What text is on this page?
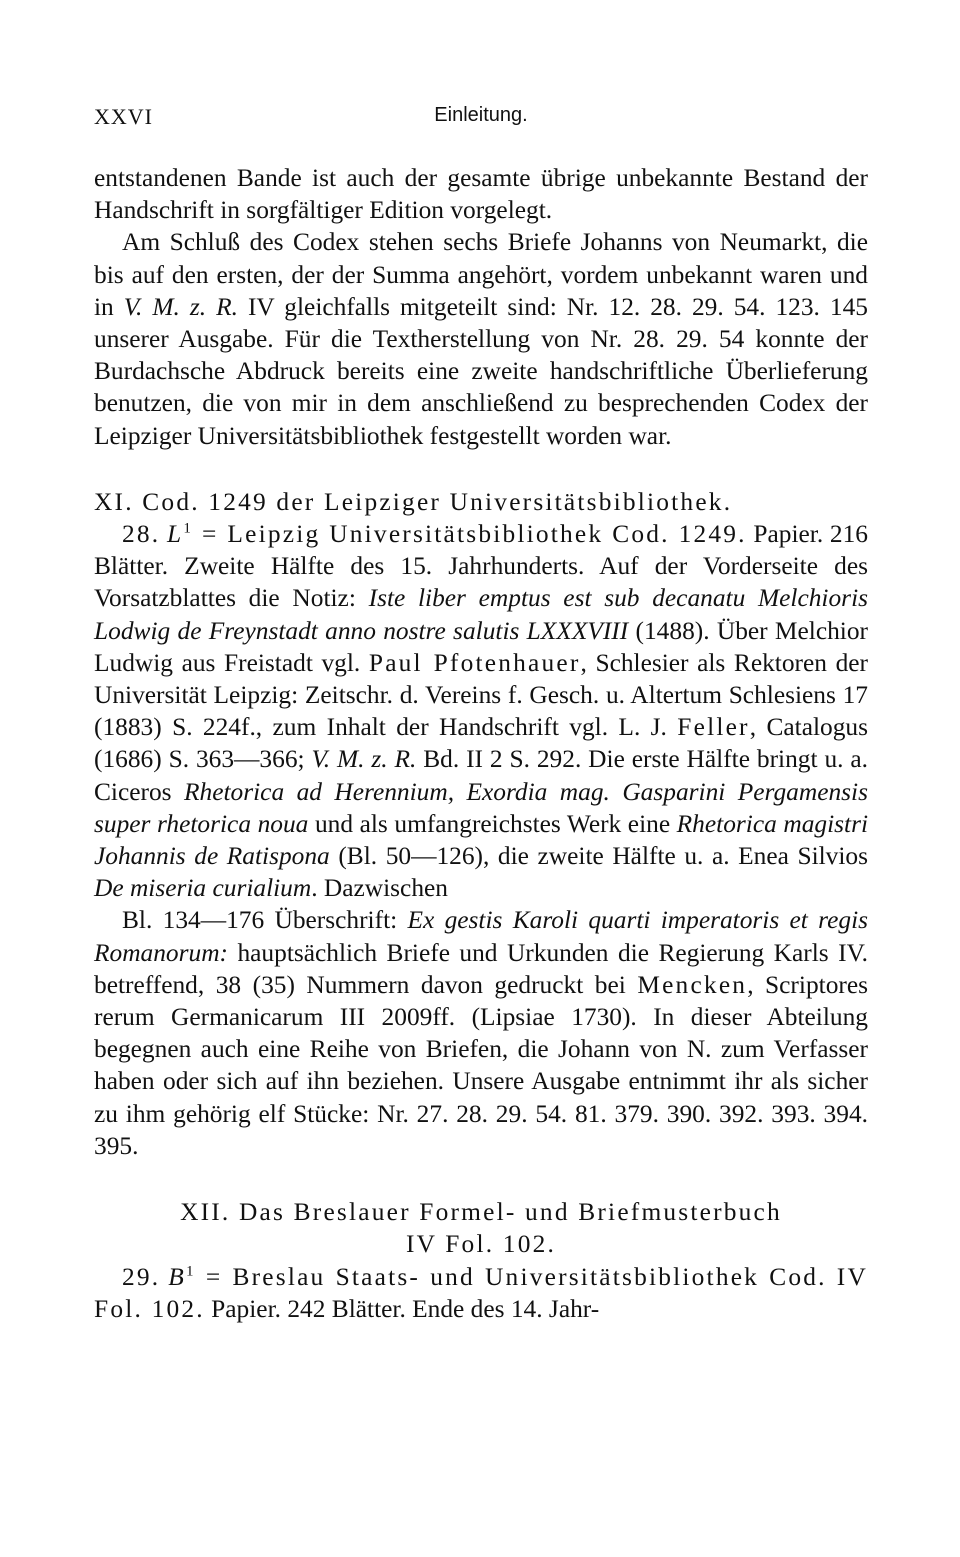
XXVI	Einleitung.

entstandenen Bande ist auch der gesamte übrige unbekannte Bestand der Handschrift in sorgfältiger Edition vorgelegt.

Am Schluß des Codex stehen sechs Briefe Johanns von Neumarkt, die bis auf den ersten, der der Summa angehört, vordem unbekannt waren und in V. M. z. R. IV gleichfalls mitgeteilt sind: Nr. 12. 28. 29. 54. 123. 145 unserer Ausgabe. Für die Textherstellung von Nr. 28. 29. 54 konnte der Burdachsche Abdruck bereits eine zweite handschriftliche Überlieferung benutzen, die von mir in dem anschließend zu besprechenden Codex der Leipziger Universitätsbibliothek festgestellt worden war.

XI. Cod. 1249 der Leipziger Universitätsbibliothek.

28. $L^1$ = Leipzig Universitätsbibliothek Cod. 1249. Papier. 216 Blätter. Zweite Hälfte des 15. Jahrhunderts. Auf der Vorderseite des Vorsatzblattes die Notiz: Iste liber emptus est sub decanatu Melchioris Lodwig de Freynstadt anno nostre salutis LXXXVIII (1488). Über Melchior Ludwig aus Freistadt vgl. Paul Pfotenhauer, Schlesier als Rektoren der Universität Leipzig: Zeitschr. d. Vereins f. Gesch. u. Altertum Schlesiens 17 (1883) S. 224f., zum Inhalt der Handschrift vgl. L. J. Feller, Catalogus (1686) S. 363—366; V. M. z. R. Bd. II 2 S. 292. Die erste Hälfte bringt u. a. Ciceros Rhetorica ad Herennium, Exordia mag. Gasparini Pergamensis super rhetorica noua und als umfangreichstes Werk eine Rhetorica magistri Johannis de Ratispona (Bl. 50—126), die zweite Hälfte u. a. Enea Silvios De miseria curialium. Dazwischen

Bl. 134—176 Überschrift: Ex gestis Karoli quarti imperatoris et regis Romanorum: hauptsächlich Briefe und Urkunden die Regierung Karls IV. betreffend, 38 (35) Nummern davon gedruckt bei Mencken, Scriptores rerum Germanicarum III 2009ff. (Lipsiae 1730). In dieser Abteilung begegnen auch eine Reihe von Briefen, die Johann von N. zum Verfasser haben oder sich auf ihn beziehen. Unsere Ausgabe entnimmt ihr als sicher zu ihm gehörig elf Stücke: Nr. 27. 28. 29. 54. 81. 379. 390. 392. 393. 394. 395.

XII. Das Breslauer Formel- und Briefmusterbuch
IV Fol. 102.

29. $B^1$ = Breslau Staats- und Universitätsbibliothek Cod. IV Fol. 102. Papier. 242 Blätter. Ende des 14. Jahr-
